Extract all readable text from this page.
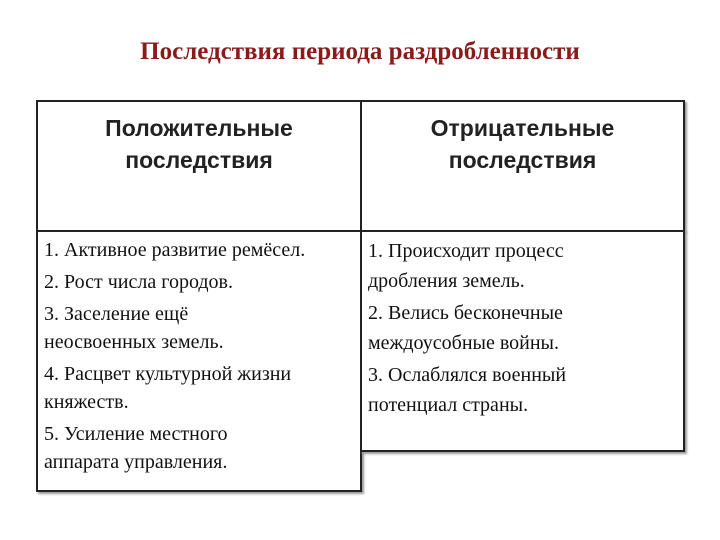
Последствия периода раздробленности
Положительные
последствия
Отрицательные
последствия
1. Активное развитие ремёсел.
2. Рост числа городов.
3. Заселение ещё
неосвоенных земель.
4. Расцвет культурной жизни
княжеств.
5. Усиление местного
аппарата управления.
1. Происходит процесс
дробления земель.
2. Велись бесконечные
междоусобные войны.
3. Ослаблялся военный
потенциал страны.
